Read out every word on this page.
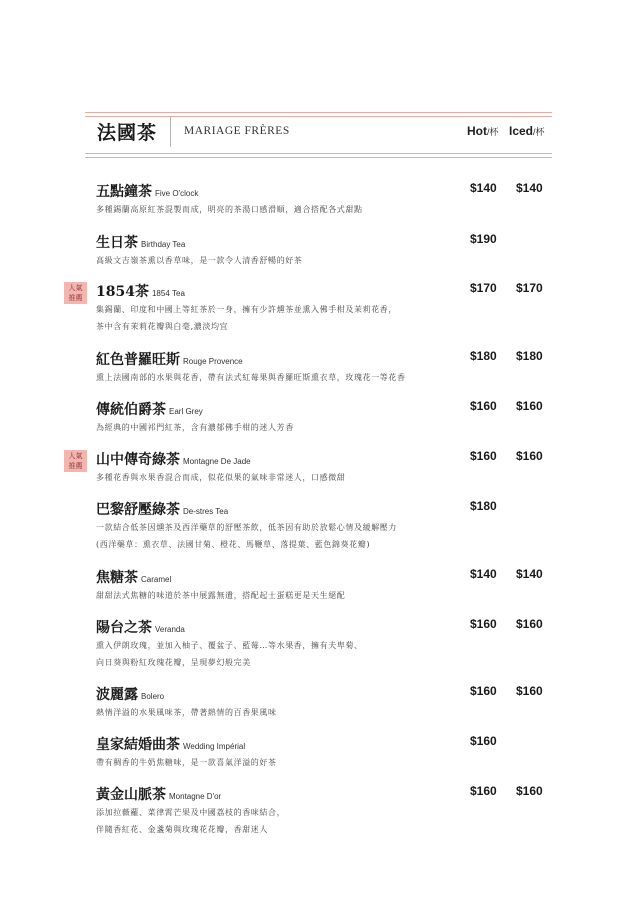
法國茶 MARIAGE FRÈRES	Hot/杯 Iced/杯
五點鐘茶 Five O'clock
多種錫蘭高原紅茶混製而成，明亮的茶湯口感滑順，適合搭配各式甜點
$140 $140
生日茶 Birthday Tea
高級文吉嶺茶熏以香草味，是一款令人清香舒暢的好茶
$190
人氣
推薦 1854茶 1854 Tea
集錫蘭、印度和中國上等紅茶於一身，擁有少許燻茶並熏入佛手柑及茉莉花香，
茶中含有茉莉花瓣與白毫,濃淡均宜
$170 $170
紅色普羅旺斯 Rouge Provence
熏上法國南部的水果與花香，帶有法式紅莓果與香羅旺斯熏衣草，玫瑰花一等花香
$180 $180
傳統伯爵茶 Earl Grey
為經典的中國祁門紅茶，含有濃郁佛手柑的迷人芳香
$160 $160
人氣
推薦 山中傳奇綠茶 Montagne De Jade
多種花香與水果香混合而成，似花似果的氣味非常迷人，口感微甜
$160 $160
巴黎舒壓綠茶 De-stres Tea
一款結合低茶因燻茶及西洋藥草的舒壓茶飲，低茶因有助於放鬆心情及緩解壓力
(西洋藥草：熏衣草、法國甘菊、橙花、馬鞭草、落提葉、藍色錦葵花瓣)
$180
焦糖茶 Caramel
甜甜法式焦糖的味道於茶中展露無遺，搭配起士蛋糕更是天生絕配
$140 $140
陽台之茶 Veranda
熏入伊朗玫瑰，並加入柚子、覆盆子、藍莓…等水果香，擁有夫卑菊、
向日葵與粉紅玫瑰花瓣，呈現夢幻般完美
$160 $160
波麗露 Bolero
熱情洋溢的水果風味茶，帶著熱情的百香果風味
$160 $160
皇家結婚曲茶 Wedding Impérial
帶有稠香的牛奶焦糖味，是一款喜氣洋溢的好茶
$160
黃金山脈茶 Montagne D'or
添加拉薇蘿、菜律霄芒果及中國荔枝的香味結合，
伴隨香紅花、金盞菊與玫瑰花花瓣，香甜迷人
$160 $160
